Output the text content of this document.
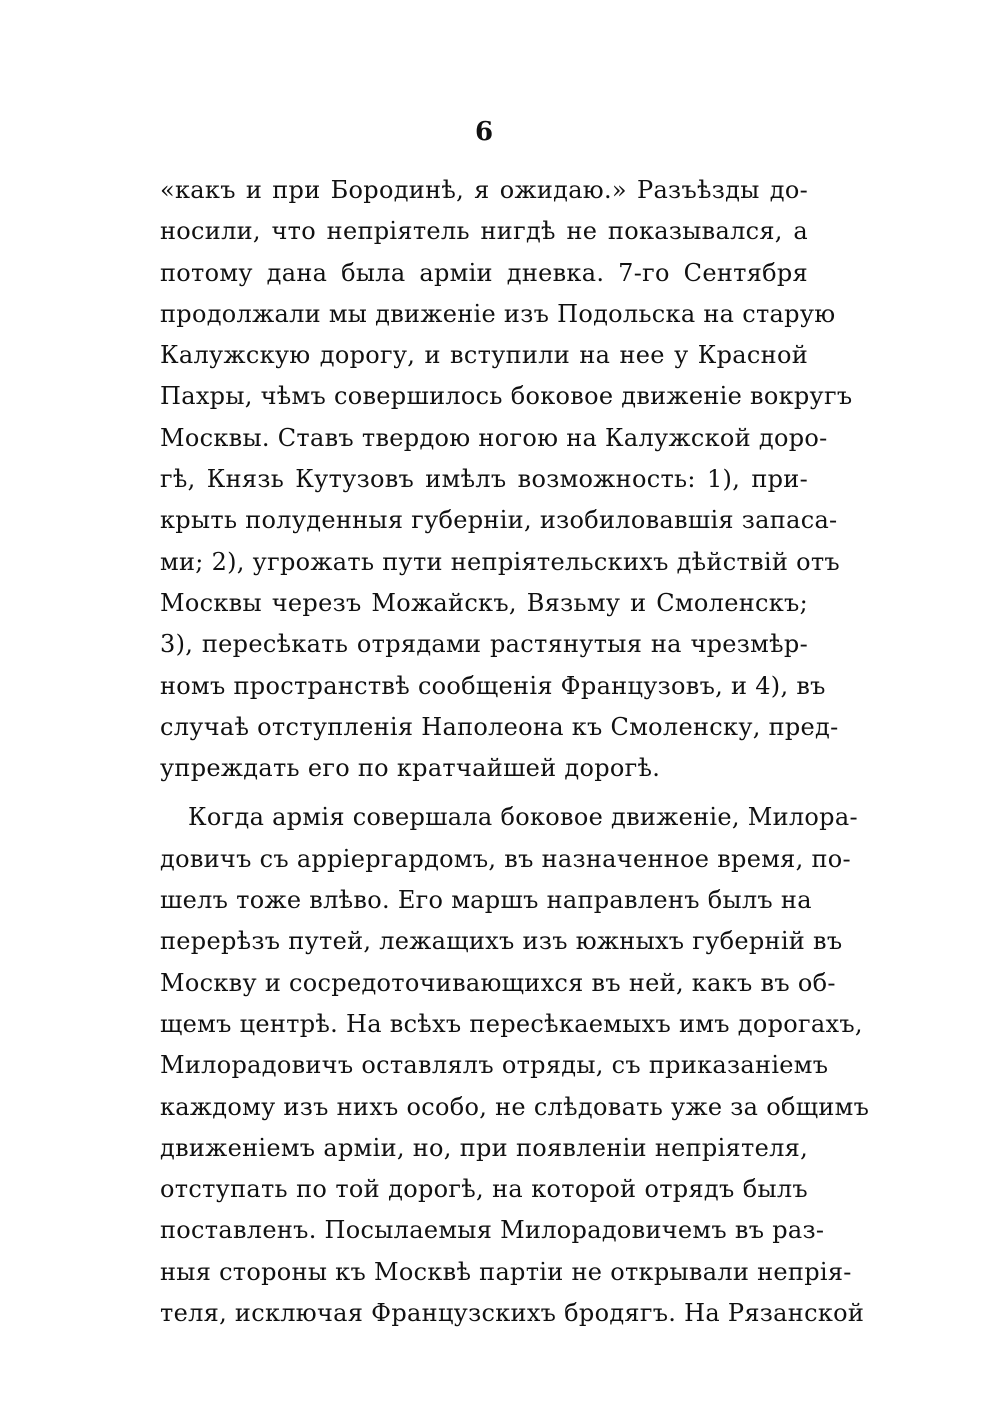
6
«какъ и при Бородинѣ, я ожидаю.» Разъѣзды до-
носили, что непрiятель нигдѣ не показывался, а
потому дана была армiи дневка. 7-го Сентября
продолжали мы движенiе изъ Подольска на старую
Калужскую дорогу, и вступили на нее у Красной
Пахры, чѣмъ совершилось боковое движенiе вокругъ
Москвы. Ставъ твердою ногою на Калужской доро-
гѣ, Князь Кутузовъ имѣлъ возможность: 1), при-
крыть полуденныя губернiи, изобиловавшiя запаса-
ми; 2), угрожать пути непрiятельскихъ дѣйствiй отъ
Москвы черезъ Можайскъ, Вязьму и Смоленскъ;
3), пересѣкать отрядами растянутыя на чрезмѣр-
номъ пространствѣ сообщенiя Французовъ, и 4), въ
случаѣ отступленiя Наполеона къ Смоленску, пред-
упреждать его по кратчайшей дорогѣ.
Когда армiя совершала боковое движенiе, Милора-
довичъ съ арріергардомъ, въ назначенное время, по-
шелъ тоже влѣво. Его маршъ направленъ былъ на
перерѣзъ путей, лежащихъ изъ южныхъ губернiй въ
Москву и сосредоточивающихся въ ней, какъ въ об-
щемъ центрѣ. На всѣхъ пересѣкаемыхъ имъ дорогахъ,
Милорадовичъ оставлялъ отряды, съ приказанiемъ
каждому изъ нихъ особо, не слѣдовать уже за общимъ
движенiемъ армiи, но, при появленiи непрiятеля,
отступать по той дорогѣ, на которой отрядъ былъ
поставленъ. Посылаемыя Милорадовичемъ въ раз-
ныя стороны къ Москвѣ партiи не открывали непрiя-
теля, исключая Французскихъ бродягъ. На Рязанской
